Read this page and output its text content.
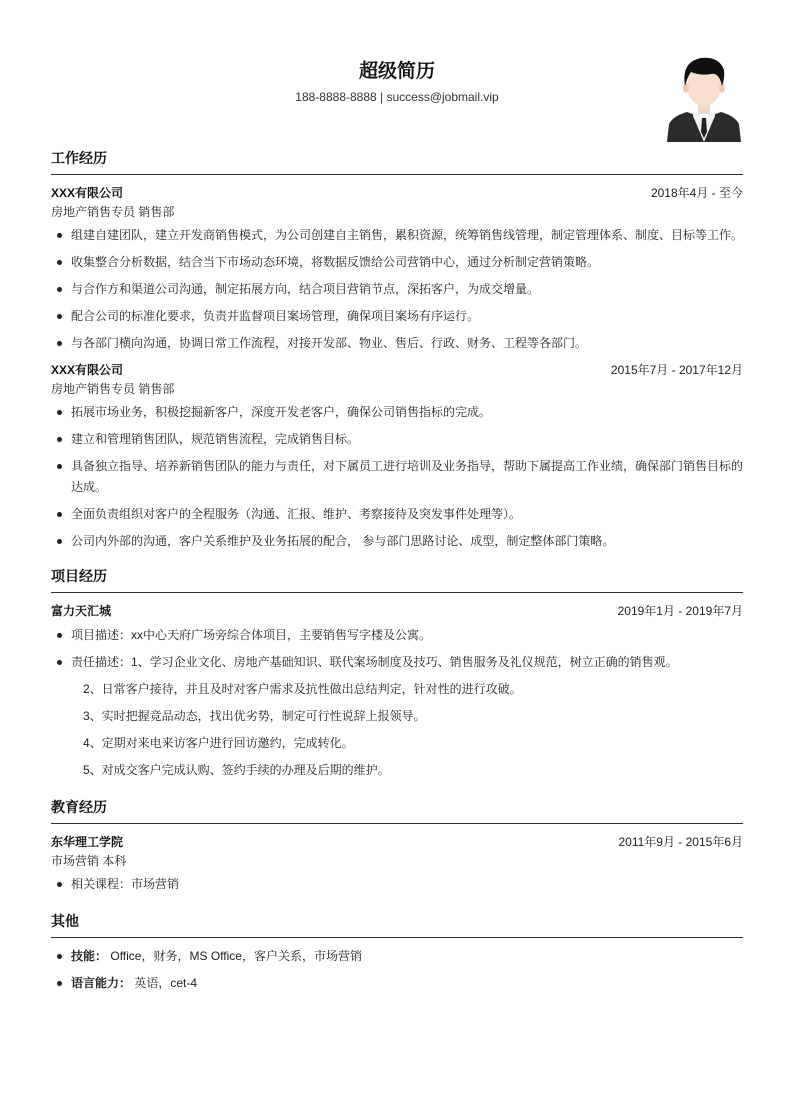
超级简历
188-8888-8888 | success@jobmail.vip
工作经历
XXX有限公司	2018年4月 - 至今
房地产销售专员 销售部
组建自建团队，建立开发商销售模式，为公司创建自主销售，累积资源，统筹销售线管理，制定管理体系、制度、目标等工作。
收集整合分析数据，结合当下市场动态环境，将数据反馈给公司营销中心，通过分析制定营销策略。
与合作方和渠道公司沟通，制定拓展方向，结合项目营销节点，深拓客户，为成交增量。
配合公司的标准化要求，负责并监督项目案场管理，确保项目案场有序运行。
与各部门横向沟通，协调日常工作流程，对接开发部、物业、售后、行政、财务、工程等各部门。
XXX有限公司	2015年7月 - 2017年12月
房地产销售专员 销售部
拓展市场业务，积极挖掘新客户，深度开发老客户，确保公司销售指标的完成。
建立和管理销售团队，规范销售流程，完成销售目标。
具备独立指导、培养新销售团队的能力与责任，对下属员工进行培训及业务指导，帮助下属提高工作业绩，确保部门销售目标的达成。
全面负责组织对客户的全程服务（沟通、汇报、维护、考察接待及突发事件处理等）。
公司内外部的沟通，客户关系维护及业务拓展的配合， 参与部门思路讨论、成型，制定整体部门策略。
项目经历
富力天汇城	2019年1月 - 2019年7月
项目描述：xx中心天府广场旁综合体项目，主要销售写字楼及公寓。
责任描述：1、学习企业文化、房地产基础知识、联代案场制度及技巧、销售服务及礼仪规范，树立正确的销售观。
2、日常客户接待，并且及时对客户需求及抗性做出总结判定，针对性的进行攻破。
3、实时把握竞品动态，找出优劣势，制定可行性说辞上报领导。
4、定期对来电来访客户进行回访邀约，完成转化。
5、对成交客户完成认购、签约手续的办理及后期的维护。
教育经历
东华理工学院	2011年9月 - 2015年6月
市场营销 本科
相关课程：市场营销
其他
技能： Office，财务，MS Office，客户关系，市场营销
语言能力： 英语，cet-4
